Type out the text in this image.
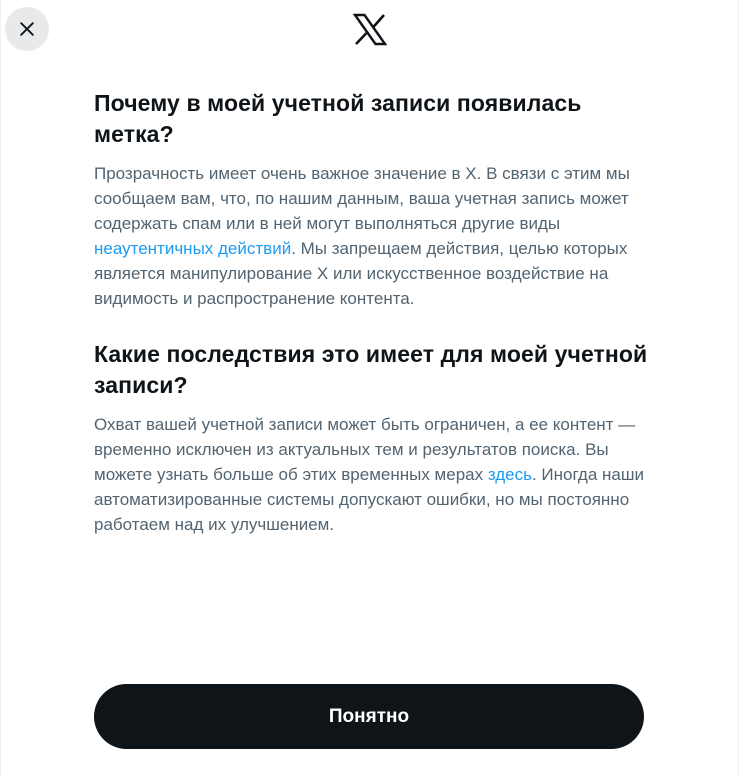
Почему в моей учетной записи появилась метка?

Прозрачность имеет очень важное значение в X. В связи с этим мы сообщаем вам, что, по нашим данным, ваша учетная запись может содержать спам или в ней могут выполняться другие виды неаутентичных действий. Мы запрещаем действия, целью которых является манипулирование X или искусственное воздействие на видимость и распространение контента.

Какие последствия это имеет для моей учетной записи?

Охват вашей учетной записи может быть ограничен, а ее контент — временно исключен из актуальных тем и результатов поиска. Вы можете узнать больше об этих временных мерах здесь. Иногда наши автоматизированные системы допускают ошибки, но мы постоянно работаем над их улучшением.

Понятно
